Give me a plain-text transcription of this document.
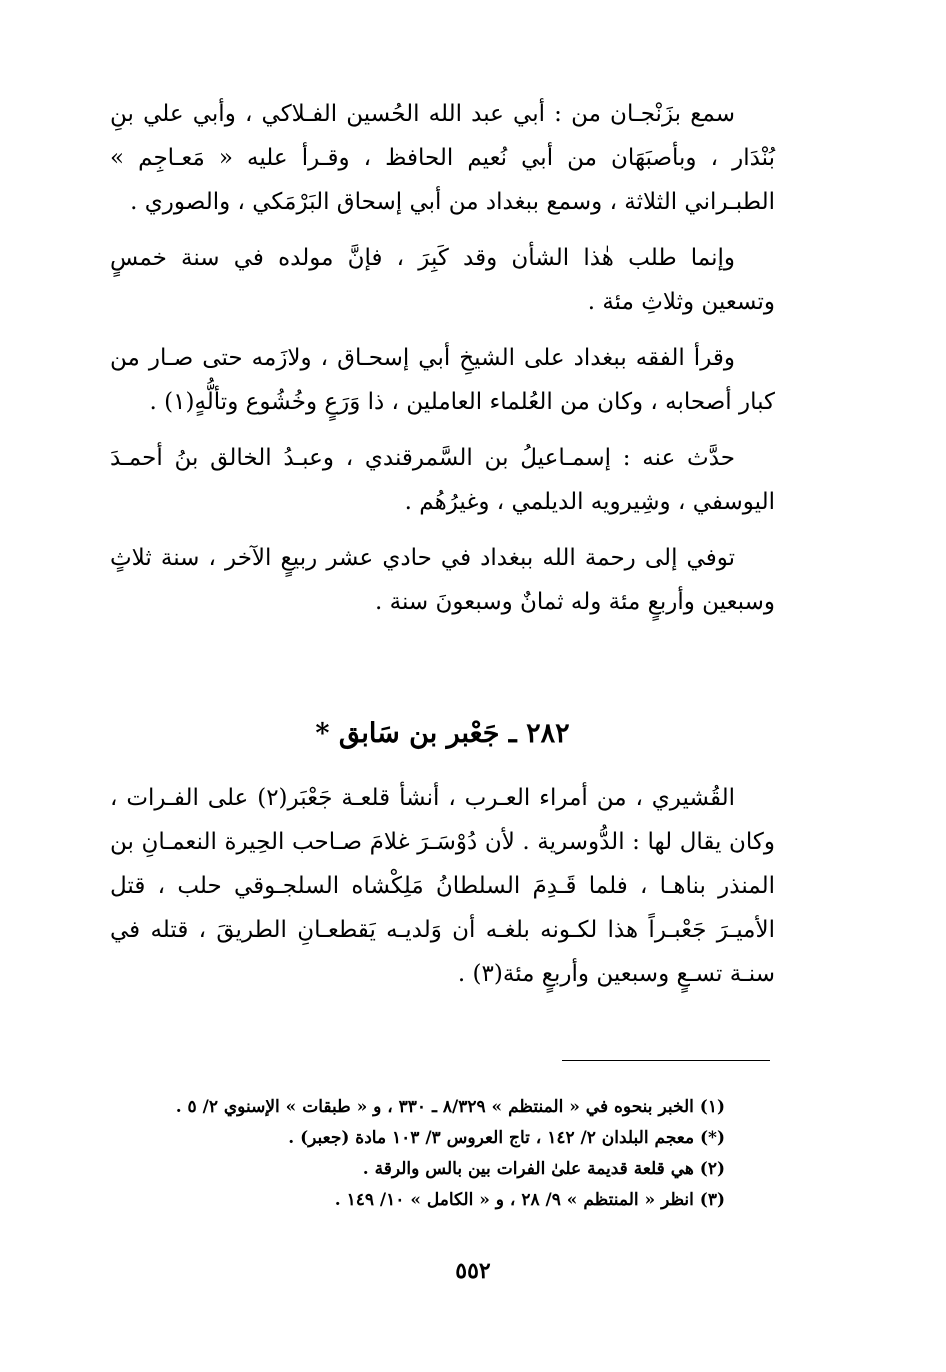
سمع بزَنْجـان من : أبي عبد الله الحُسين الفـلاكي ، وأبي علي بنِ بُنْدَار ، وبأصبَهَان من أبي نُعيم الحافظ ، وقـرأ عليه « مَعـاجِم » الطبـراني الثلاثة ، وسمع ببغداد من أبي إسحاق البَرْمَكي ، والصوري .

وإنما طلب هٰذا الشأن وقد كَبِرَ ، فإنَّ مولده في سنة خمسٍ وتسعين وثلاثِ مئة .

وقرأ الفقه ببغداد على الشيخِ أبي إسحـاق ، ولازَمه حتى صـار من كبار أصحابه ، وكان من العُلماء العاملين ، ذا وَرَعٍ وخُشُوع وتألُّهٍ(١) .

حدَّث عنه : إسمـاعيلُ بن السَّمرقندي ، وعبـدُ الخالق بنُ أحمـدَ اليوسفي ، وشِيرويه الديلمي ، وغيرُهُم .

توفي إلى رحمة الله ببغداد في حادي عشر ربيعٍ الآخر ، سنة ثلاثٍ وسبعين وأربعٍ مئة وله ثمانٌ وسبعونَ سنة .

٢٨٢ ـ جَعْبر بن سَابق *

القُشيري ، من أمراء العـرب ، أنشأ قلعـة جَعْبَر(٢) على الفـرات ، وكان يقال لها : الدُّوسرية . لأن دُوْسَـرَ غلامَ صـاحب الحِيرة النعمـانِ بن المنذر بناهـا ، فلما قَـدِمَ السلطانُ مَلِكْشاه السلجـوقي حلب ، قتل الأميـرَ جَعْبـراً هذا لكـونه بلغـه أن وَلديـه يَقطعـانِ الطريقَ ، قتله في سنـة تسـعٍ وسبعين وأربعٍ مئة(٣) .

(١) الخبر بنحوه في « المنتظم » ٨/٣٢٩ ـ ٣٣٠ ، و « طبقات » الإسنوي ٢/ ٥ .
(*) معجم البلدان ٢/ ١٤٢ ، تاج العروس ٣/ ١٠٣ مادة (جعبر) .
(٢) هي قلعة قديمة علىٰ الفرات بين بالس والرقة .
(٣) انظر « المنتظم » ٩/ ٢٨ ، و « الكامل » ١٠/ ١٤٩ .
٥٥٢
